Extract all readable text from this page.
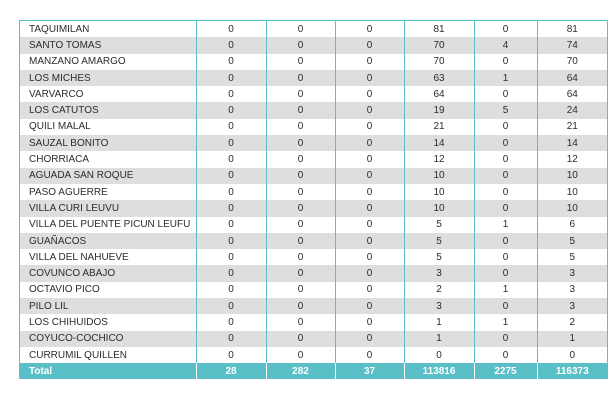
TAQUIMILAN	0	0	0	81	0	81
SANTO TOMAS	0	0	0	70	4	74
MANZANO AMARGO	0	0	0	70	0	70
LOS MICHES	0	0	0	63	1	64
VARVARCO	0	0	0	64	0	64
LOS CATUTOS	0	0	0	19	5	24
QUILI MALAL	0	0	0	21	0	21
SAUZAL BONITO	0	0	0	14	0	14
CHORRIACA	0	0	0	12	0	12
AGUADA SAN ROQUE	0	0	0	10	0	10
PASO AGUERRE	0	0	0	10	0	10
VILLA CURI LEUVU	0	0	0	10	0	10
VILLA DEL PUENTE PICUN LEUFU	0	0	0	5	1	6
GUAÑACOS	0	0	0	5	0	5
VILLA DEL NAHUEVE	0	0	0	5	0	5
COVUNCO ABAJO	0	0	0	3	0	3
OCTAVIO PICO	0	0	0	2	1	3
PILO LIL	0	0	0	3	0	3
LOS CHIHUIDOS	0	0	0	1	1	2
COYUCO-COCHICO	0	0	0	1	0	1
CURRUMIL QUILLEN	0	0	0	0	0	0
Total	28	282	37	113816	2275	116373
